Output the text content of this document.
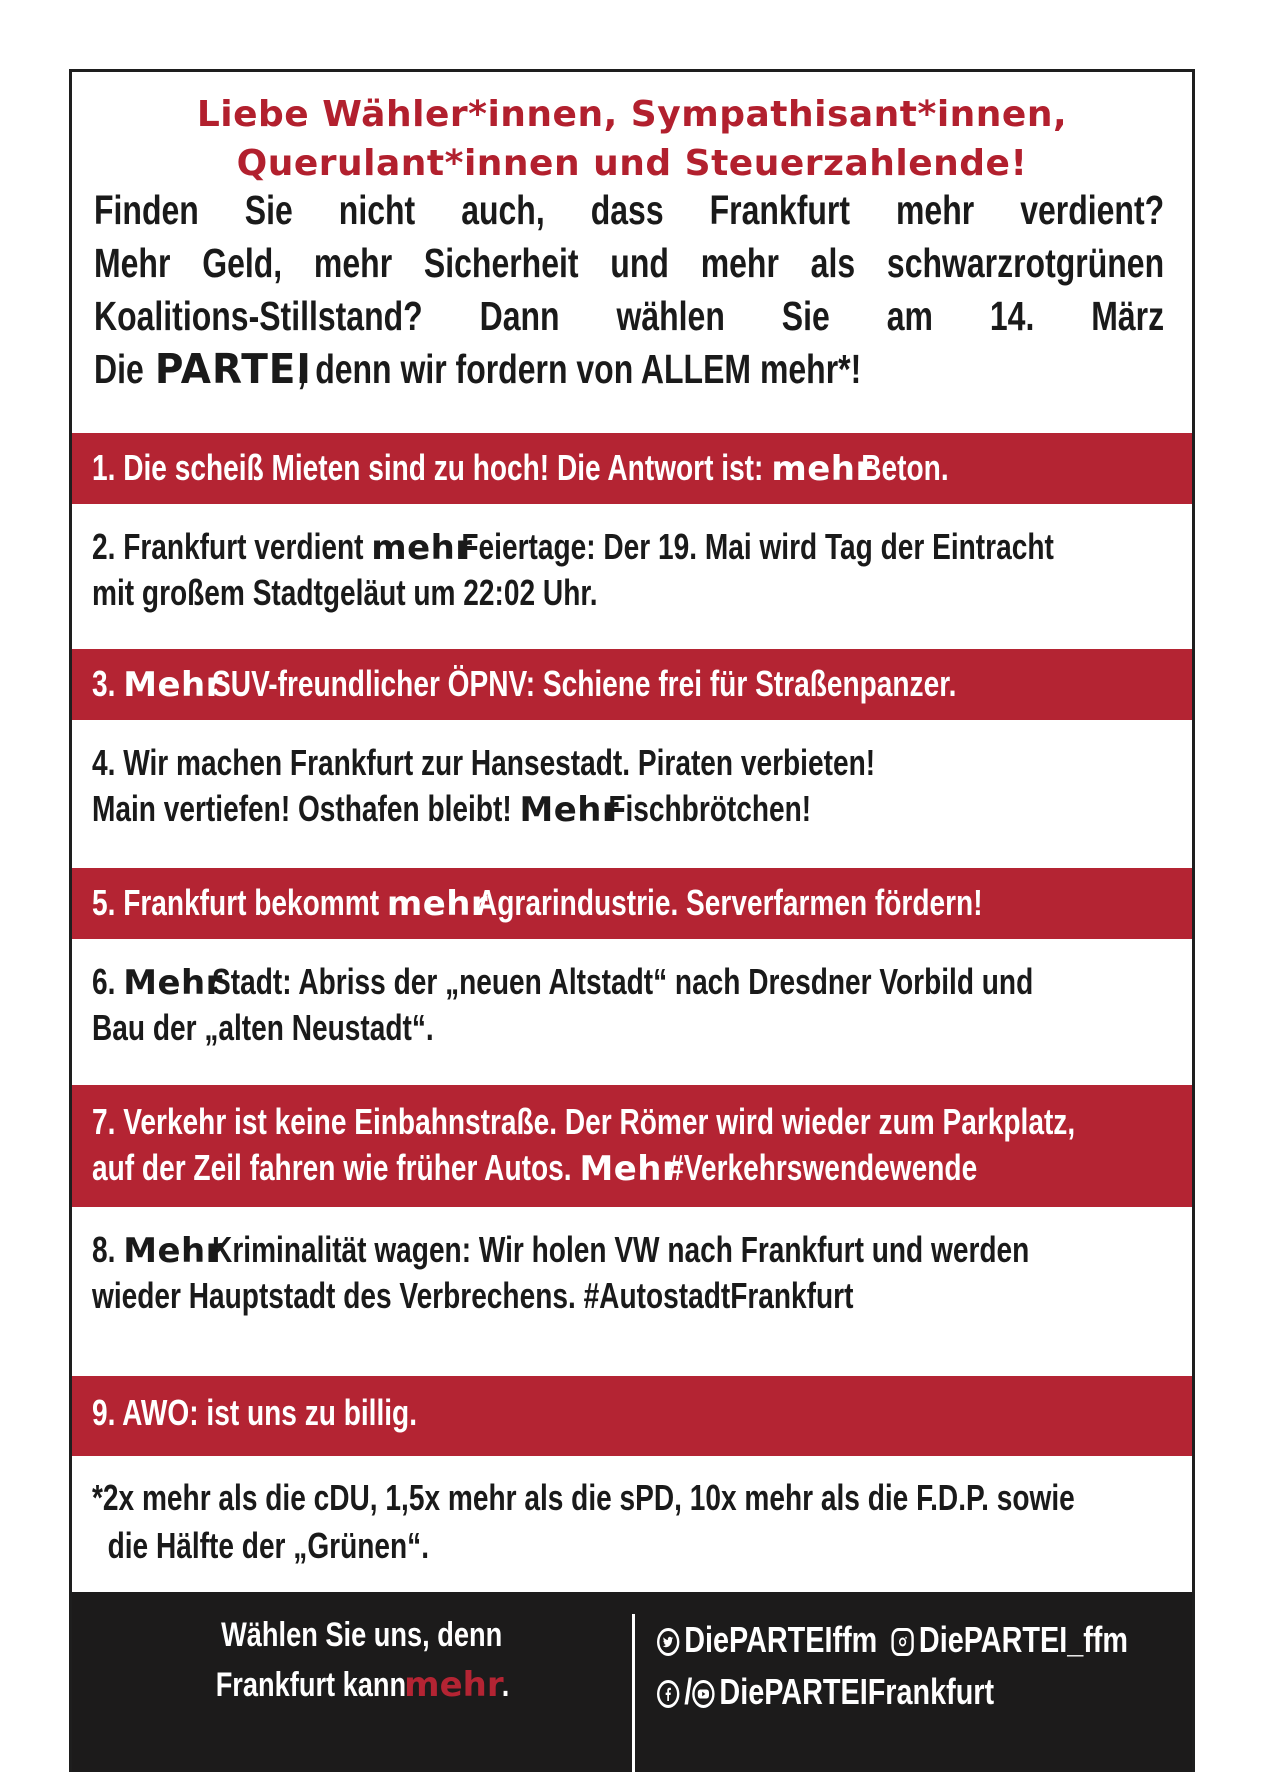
Liebe Wähler*innen, Sympathisant*innen,
Querulant*innen und Steuerzahlende!
Finden Sie nicht auch, dass Frankfurt mehr verdient?
Mehr Geld, mehr Sicherheit und mehr als schwarzrotgrünen
Koalitions-Stillstand? Dann wählen Sie am 14. März
Die PARTEI
, denn wir fordern von ALLEM mehr*!
1. Die scheiß Mieten sind zu hoch! Die Antwort ist: mehrBeton.
2. Frankfurt verdient mehrFeiertage: Der 19. Mai wird Tag der Eintracht
mit großem Stadtgeläut um 22:02 Uhr.
3. MehrSUV-freundlicher ÖPNV: Schiene frei für Straßenpanzer.
4. Wir machen Frankfurt zur Hansestadt. Piraten verbieten!
Main vertiefen! Osthafen bleibt! MehrFischbrötchen!
5. Frankfurt bekommt mehrAgrarindustrie. Serverfarmen fördern!
6. MehrStadt: Abriss der „neuen Altstadt“ nach Dresdner Vorbild und
Bau der „alten Neustadt“.
7. Verkehr ist keine Einbahnstraße. Der Römer wird wieder zum Parkplatz,
auf der Zeil fahren wie früher Autos. Mehr#Verkehrswendewende
8. MehrKriminalität wagen: Wir holen VW nach Frankfurt und werden
wieder Hauptstadt des Verbrechens. #AutostadtFrankfurt
9. AWO: ist uns zu billig.
*2x mehr als die cDU, 1,5x mehr als die sPD, 10x mehr als die F.D.P. sowie
die Hälfte der „Grünen“.
Wählen Sie uns, denn
Frankfurt kannmehr.
DiePARTEIffm DiePARTEI_ffm
/ DiePARTEIFrankfurt
